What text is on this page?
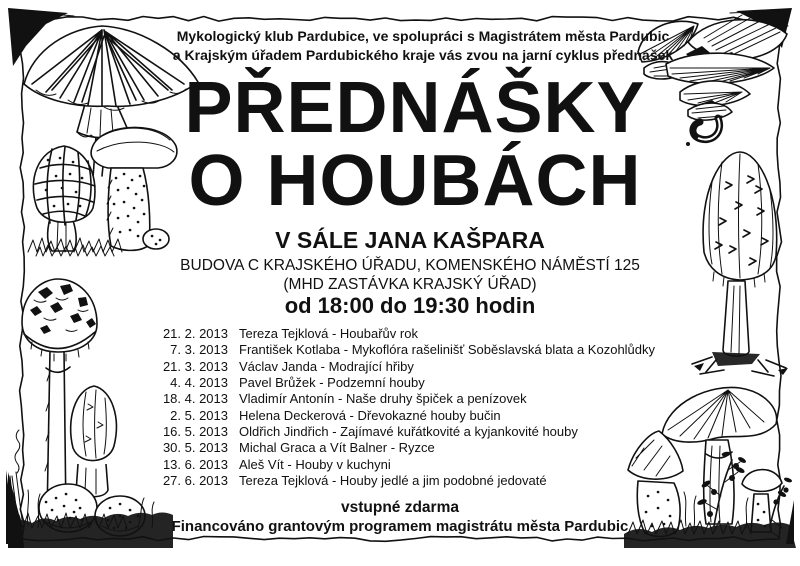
Mykologický klub Pardubice, ve spolupráci s Magistrátem města Pardubic
a Krajským úřadem Pardubického kraje vás zvou na jarní cyklus přednášek
PŘEDNÁŠKY
O HOUBÁCH
V SÁLE JANA KAŠPARA
BUDOVA C KRAJSKÉHO ÚŘADU, KOMENSKÉHO NÁMĚSTÍ 125
(MHD ZASTÁVKA KRAJSKÝ ÚŘAD)
od 18:00 do 19:30 hodin
21. 2. 2013 Tereza Tejklová - Houbařův rok
7. 3. 2013 František Kotlaba - Mykoflóra rašelinišť Soběslavská blata a Kozohlůdky
21. 3. 2013 Václav Janda - Modrající hřiby
4. 4. 2013 Pavel Brůžek - Podzemní houby
18. 4. 2013 Vladimír Antonín - Naše druhy špiček a penízovek
2. 5. 2013 Helena Deckerová - Dřevokazné houby bučin
16. 5. 2013 Oldřich Jindřich - Zajímavé kuřátkovité a kyjankovité houby
30. 5. 2013 Michal Graca a Vít Balner - Ryzce
13. 6. 2013 Aleš Vít - Houby v kuchyni
27. 6. 2013 Tereza Tejklová - Houby jedlé a jim podobné jedovaté
vstupné zdarma
Financováno grantovým programem magistrátu města Pardubic
